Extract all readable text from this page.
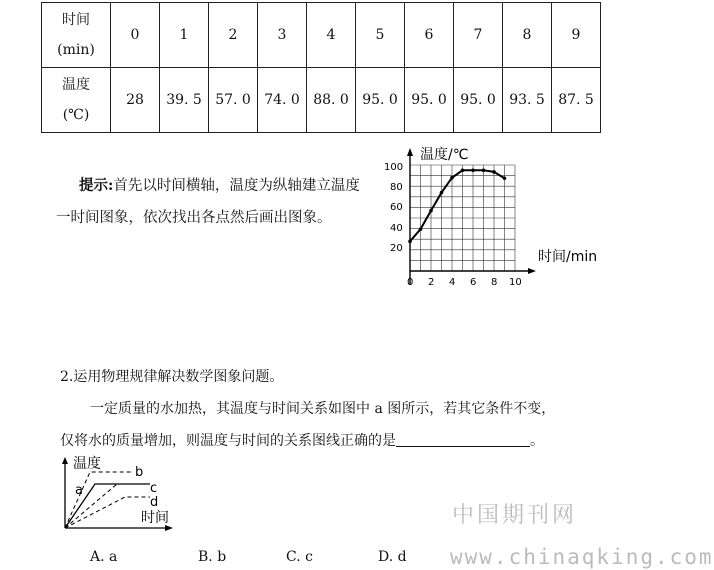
时间
(min)	0	1	2	3	4	5	6	7	8	9
温度
(℃)	28	39. 5	57. 0	74. 0	88. 0	95. 0	95. 0	95. 0	93. 5	87. 5
提示:首先以时间横轴，温度为纵轴建立温度一时间图象，依次找出各点然后画出图象。
温度/℃
时间/min
100
80
60
40
20
0 2 4 6 8 10
2.运用物理规律解决数学图象问题。
一定质量的水加热，其温度与时间关系如图中 a 图所示，若其它条件不变，
仅将水的质量增加，则温度与时间的关系图线正确的是	。
温度
a
b
c
d
时间
A. a	B. b	C. c	D. d
中国期刊网
www.chinaqking.com
